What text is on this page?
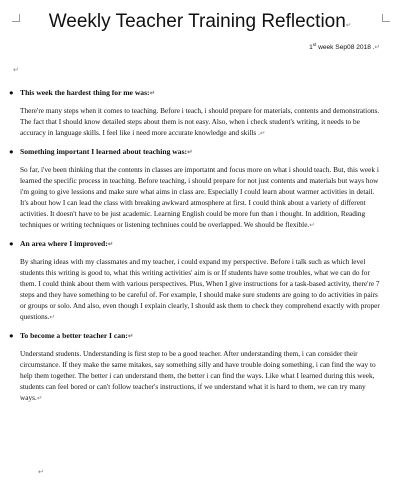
Weekly Teacher Training Reflection↵
1st week Sep08 2018 .↵
↵
● This week the hardest thing for me was:↵
There're many steps when it comes to teaching. Before i teach, i should prepare for materials, contents and demonstrations. The fact that I should know detailed steps about them is not easy. Also, when i check student's writing, it needs to be accuracy in language skills. I feel like i need more accurate knowledge and skills .↵
● Something important I learned about teaching was:↵
So far, i've been thinking that the contents in classes are importatnt and focus more on what i should teach. But, this week i learned the specific process in teaching. Before teaching, i should prepare for not just contents and materials but ways how i'm going to give lessions and make sure what aims in class are. Especially I could learn about warmer activities in detail. It's about how I can lead the class with breaking awkward atmosphere at first. I could think about a variety of different activities. It doesn't have to be just academic. Learning English could be more fun than i thought. In addition, Reading techniques or writing techniques or listening techniues could be overlapped. We should be flexible.↵
● An area where I improved:↵
By sharing ideas with my classmates and my teacher, i could expand my perspective. Before i talk such as which level students this writing is good to, what this writing activities' aim is or If students have some troubles, what we can do for them. I could think about them with various perspectives. Plus, When I give instructions for a task-based activity, there're 7 steps and they have something to be careful of. For example, I should make sure students are going to do activities in pairs or groups or solo. And also, even though I explain clearly, I should ask them to check they comprehend exactly with proper questions.↵
● To become a better teacher I can:↵
Understand students. Understanding is first step to be a good teacher. After understanding them, i can consider their circumstance. If they make the same mitakes, say something silly and have trouble doing something, i can find the way to help them together. The better i can understand them, the better i can find the ways. Like what I learned during this week, students can feel bored or can't follow teacher's instructions, if we understand what it is hard to them, we can try many ways.↵
↵
